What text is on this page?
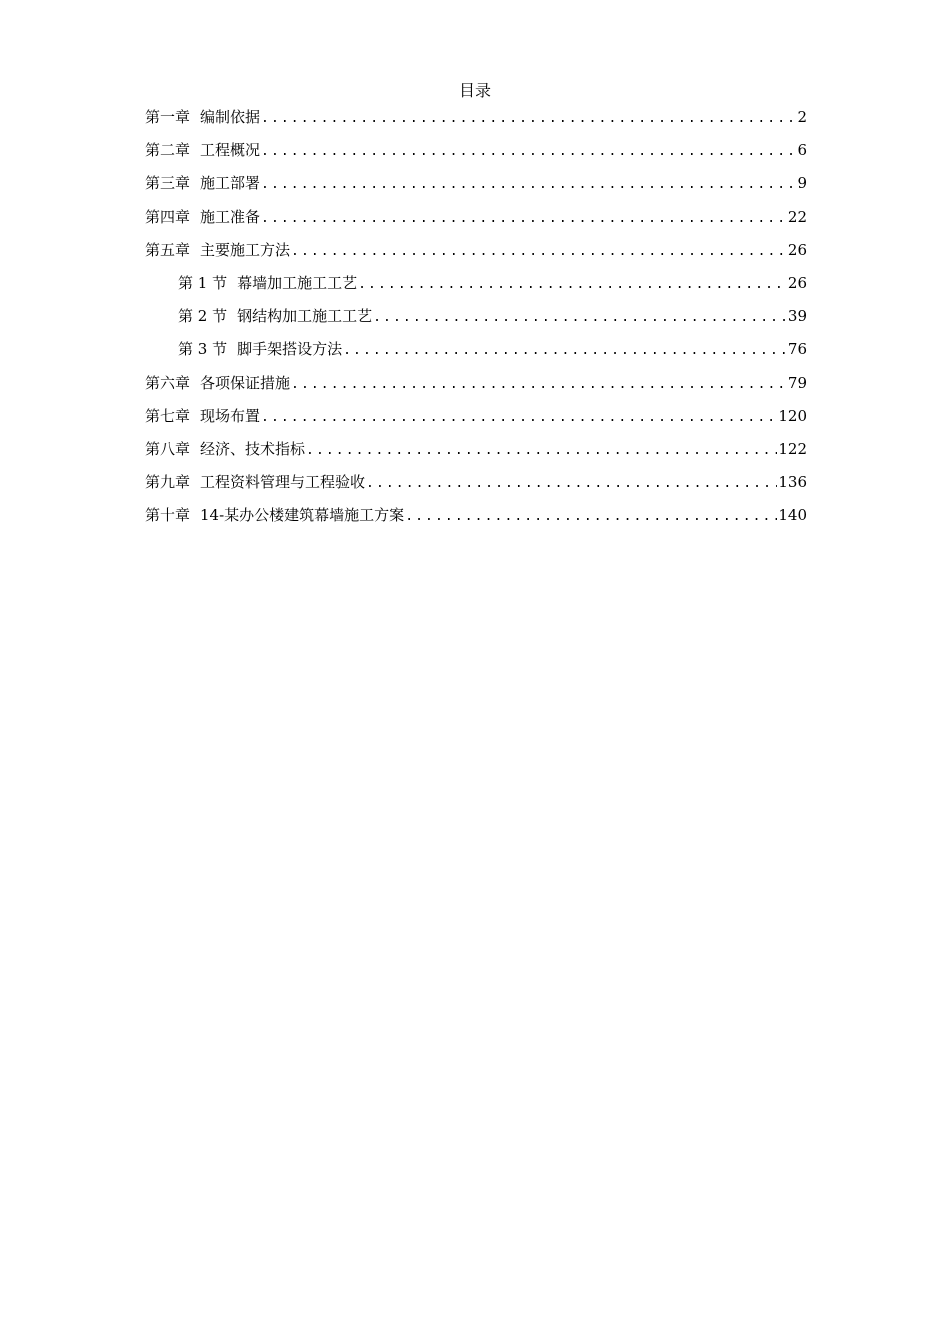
目录
第一章 编制依据 .....	2
第二章 工程概况 .....	6
第三章 施工部署 .....	9
第四章 施工准备 .....	22
第五章 主要施工方法 .....	26
第 1 节 幕墙加工施工工艺 .....	26
第 2 节 钢结构加工施工工艺 .....	39
第 3 节 脚手架搭设方法 .....	76
第六章 各项保证措施 .....	79
第七章 现场布置 .....	120
第八章 经济、技术指标 .....	122
第九章 工程资料管理与工程验收 .....	136
第十章 14-某办公楼建筑幕墙施工方案 .....	140
